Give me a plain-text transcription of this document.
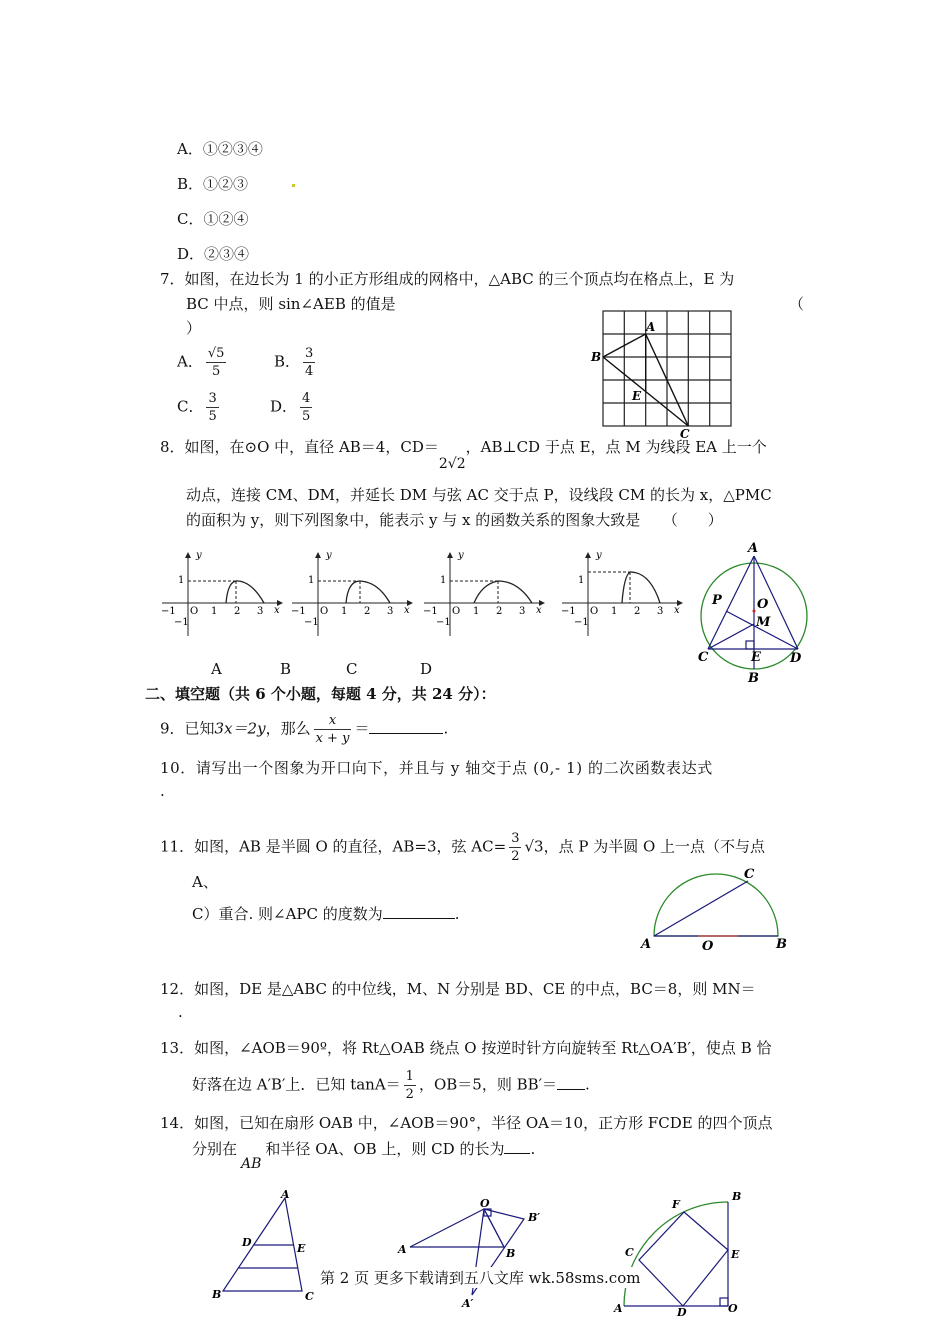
A．①②③④
B．①②③
C．①②④
D．②③④
7．如图，在边长为 1 的小正方形组成的网格中，△ABC 的三个顶点均在格点上，E 为
BC 中点，则 sin∠AEB 的值是	（
）
A． $\frac{√5}{5}$	B． $\frac{3}{4}$
C． $\frac{3}{5}$	D． $\frac{4}{5}$
A
B
E
C
8．如图，在⊙O 中，直径 AB＝4，CD＝2√2，AB⊥CD 于点 E，点 M 为线段 EA 上一个
动点，连接 CM、DM，并延长 DM 与弦 AC 交于点 P，设线段 CM 的长为 x，△PMC
的面积为 y，则下列图象中，能表示 y 与 x 的函数关系的图象大致是　　（　　）
y
1
−1
−1 O 1 2 3 x
y
1
−1
−1 O 1 2 3 x
y
1
−1
−1 O 1 2 3 x
y
1
−1
−1 O 1 2 3 x
A	B	C	D
A
P	O
M
C	E D
B
二、填空题（共 6 个小题，每题 4 分，共 24 分）：
9．已知3x＝2y，那么 $\frac{x}{x + y}$ ＝	.
10．请写出一个图象为开口向下，并且与 y 轴交于点 (0,- 1) 的二次函数表达式
.
11．如图，AB 是半圆 O 的直径，AB=3，弦 $AC= \frac{3}{2} √3$，点 P 为半圆 O 上一点（不与点
A、
C）重合. 则∠APC 的度数为	.
C
A	O	B
12．如图，DE 是△ABC 的中位线，M、N 分别是 BD、CE 的中点，BC＝8，则 MN＝
.
13．如图，∠AOB＝90º，将 Rt△OAB 绕点 O 按逆时针方向旋转至 Rt△OA′B′，使点 B 恰
好落在边 A′B′上．已知 $\tan A= \frac{1}{2}$ ，OB＝5，则 BB′＝ .
14．如图，已知在扇形 OAB 中，∠AOB＝90°，半径 OA＝10，正方形 FCDE 的四个顶点
分别在AB和半径 OA、OB 上，则 CD 的长为 .
A
D	E
B	C
O
B′
A	B
A′
B
F
C	E
A	D	O
第 2 页 更多下载请到五八文库 wk.58sms.com
